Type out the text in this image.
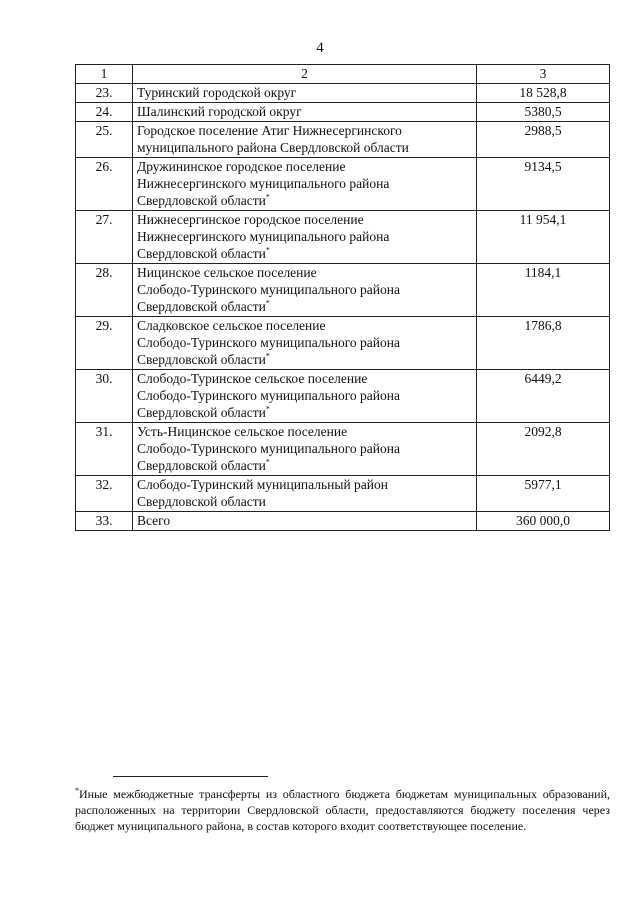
4
1	2	3
23.	Туринский городской округ	18 528,8
24.	Шалинский городской округ	5380,5
25.	Городское поселение Атиг Нижнесергинского
муниципального района Свердловской области	2988,5
26.	Дружининское городское поселение
Нижнесергинского муниципального района
Свердловской области*	9134,5
27.	Нижнесергинское городское поселение
Нижнесергинского муниципального района
Свердловской области*	11 954,1
28.	Ницинское сельское поселение
Слободо-Туринского муниципального района
Свердловской области*	1184,1
29.	Сладковское сельское поселение
Слободо-Туринского муниципального района
Свердловской области*	1786,8
30.	Слободо-Туринское сельское поселение
Слободо-Туринского муниципального района
Свердловской области*	6449,2
31.	Усть-Ницинское сельское поселение
Слободо-Туринского муниципального района
Свердловской области*	2092,8
32.	Слободо-Туринский муниципальный район
Свердловской области	5977,1
33.	Всего	360 000,0
*Иные межбюджетные трансферты из областного бюджета бюджетам муниципальных образований, расположенных на территории Свердловской области, предоставляются бюджету поселения через бюджет муниципального района, в состав которого входит соответствующее поселение.
